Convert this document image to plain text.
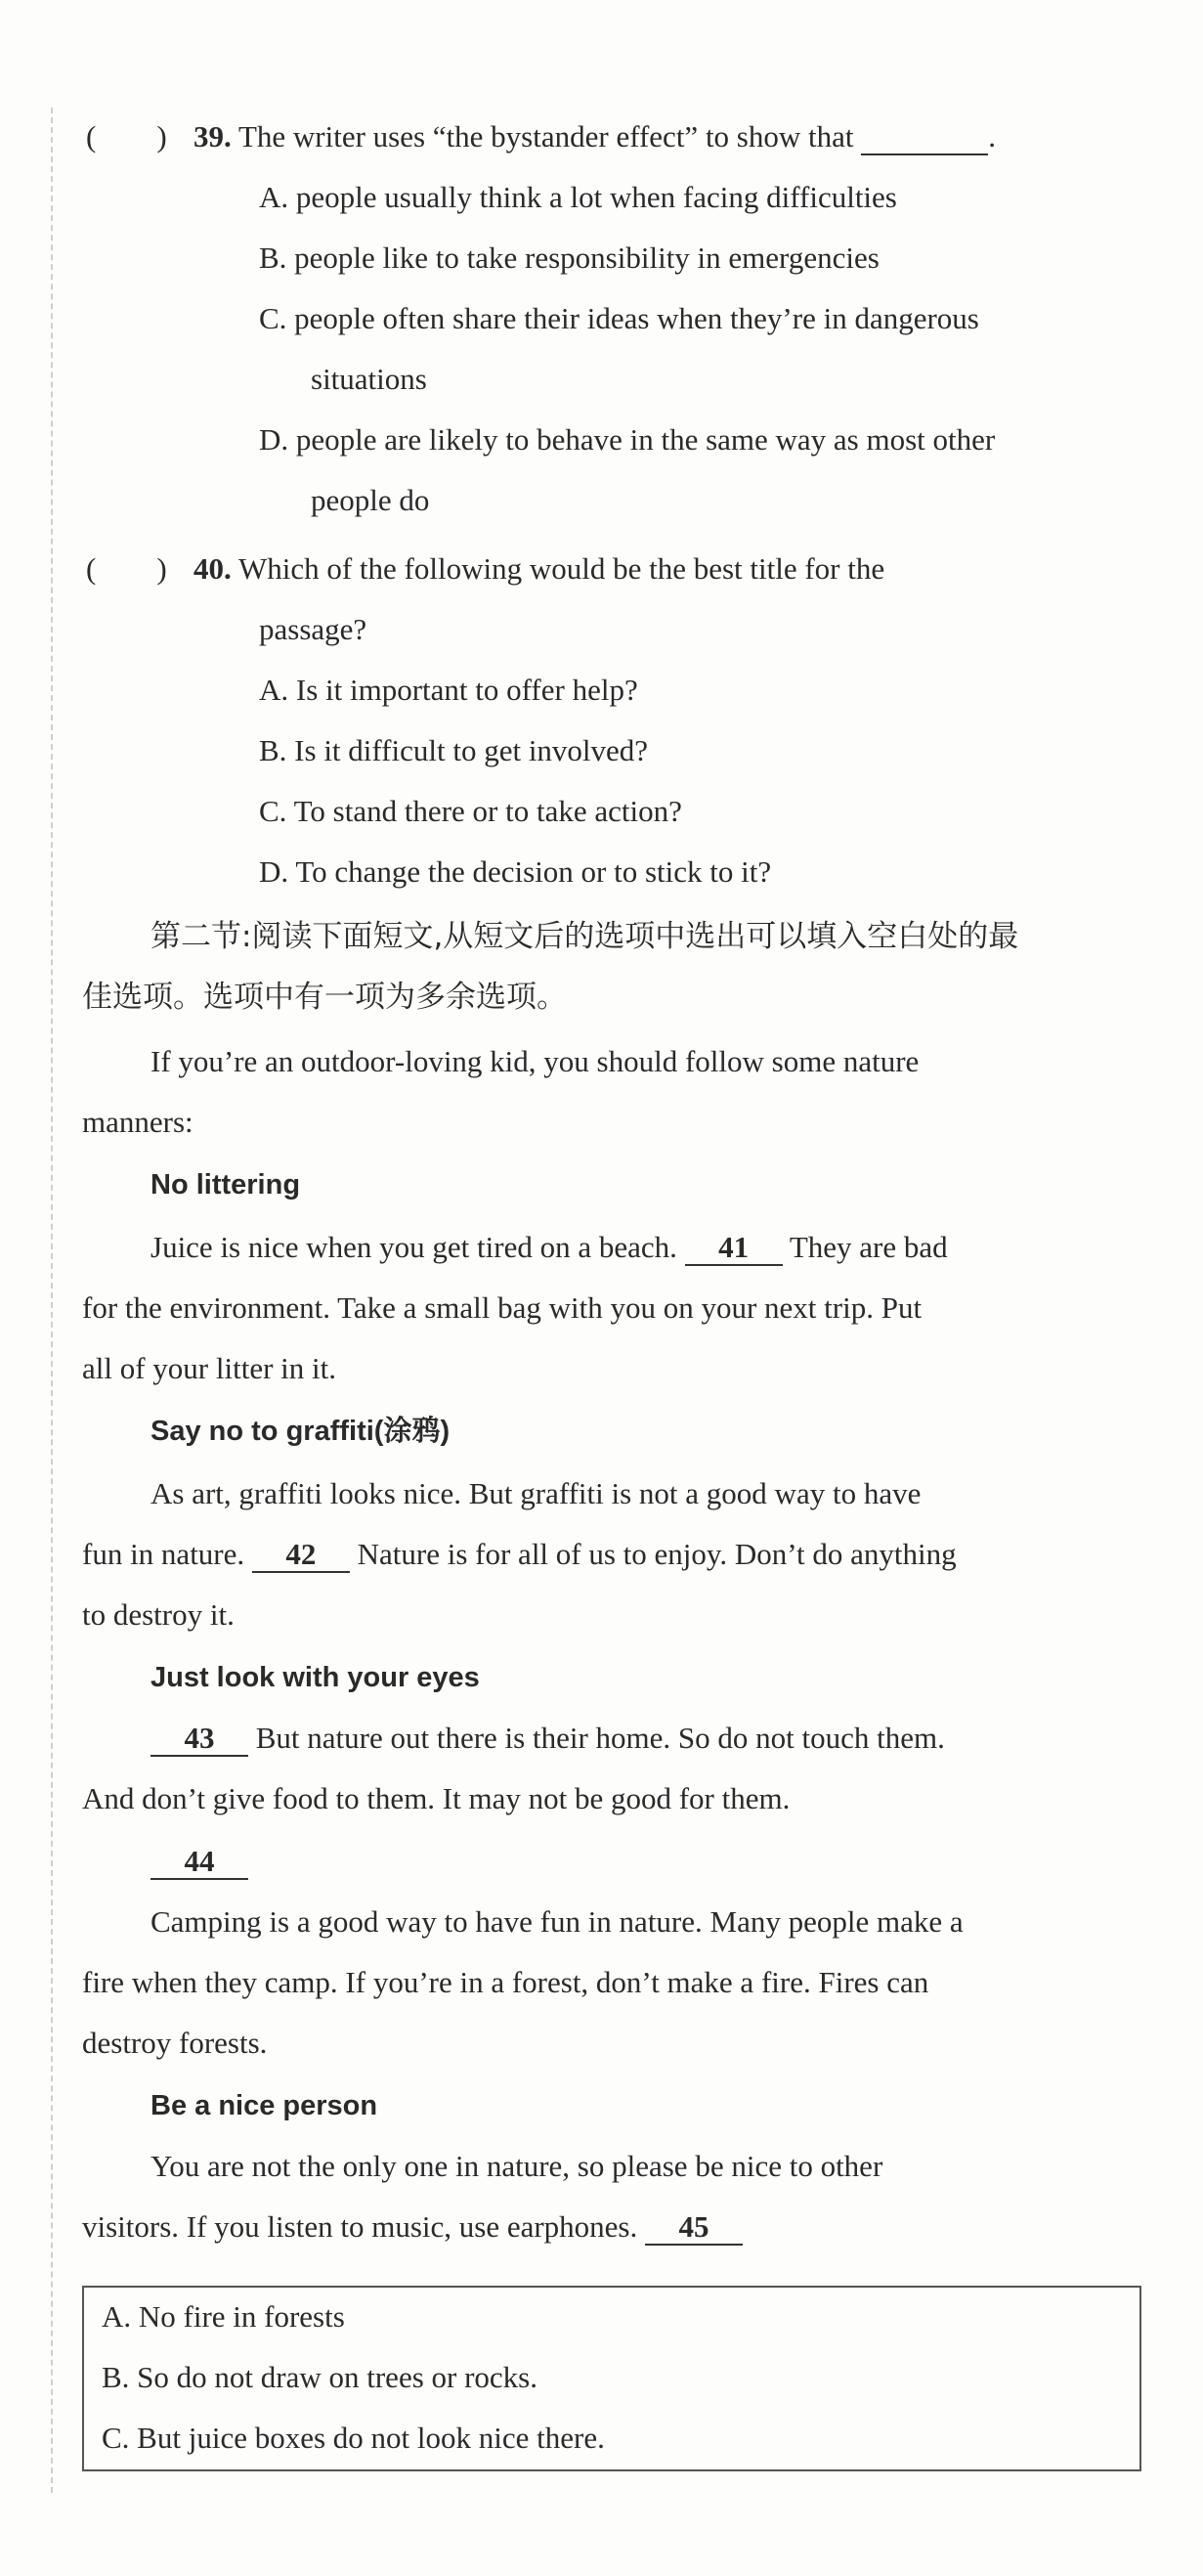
(　　) 39. The writer uses “the bystander effect” to show that	.
A. people usually think a lot when facing difficulties
B. people like to take responsibility in emergencies
C. people often share their ideas when they’re in dangerous
situations
D. people are likely to behave in the same way as most other
people do
(　　) 40. Which of the following would be the best title for the
passage?
A. Is it important to offer help?
B. Is it difficult to get involved?
C. To stand there or to take action?
D. To change the decision or to stick to it?
第二节:阅读下面短文,从短文后的选项中选出可以填入空白处的最
佳选项。选项中有一项为多余选项。
If you’re an outdoor-loving kid, you should follow some nature
manners:
No littering
Juice is nice when you get tired on a beach. 41 They are bad
for the environment. Take a small bag with you on your next trip. Put
all of your litter in it.
Say no to graffiti(涂鸦)
As art, graffiti looks nice. But graffiti is not a good way to have
fun in nature. 42 Nature is for all of us to enjoy. Don’t do anything
to destroy it.
Just look with your eyes
43 But nature out there is their home. So do not touch them.
And don’t give food to them. It may not be good for them.
44
Camping is a good way to have fun in nature. Many people make a
fire when they camp. If you’re in a forest, don’t make a fire. Fires can
destroy forests.
Be a nice person
You are not the only one in nature, so please be nice to other
visitors. If you listen to music, use earphones. 45
A. No fire in forests
B. So do not draw on trees or rocks.
C. But juice boxes do not look nice there.
